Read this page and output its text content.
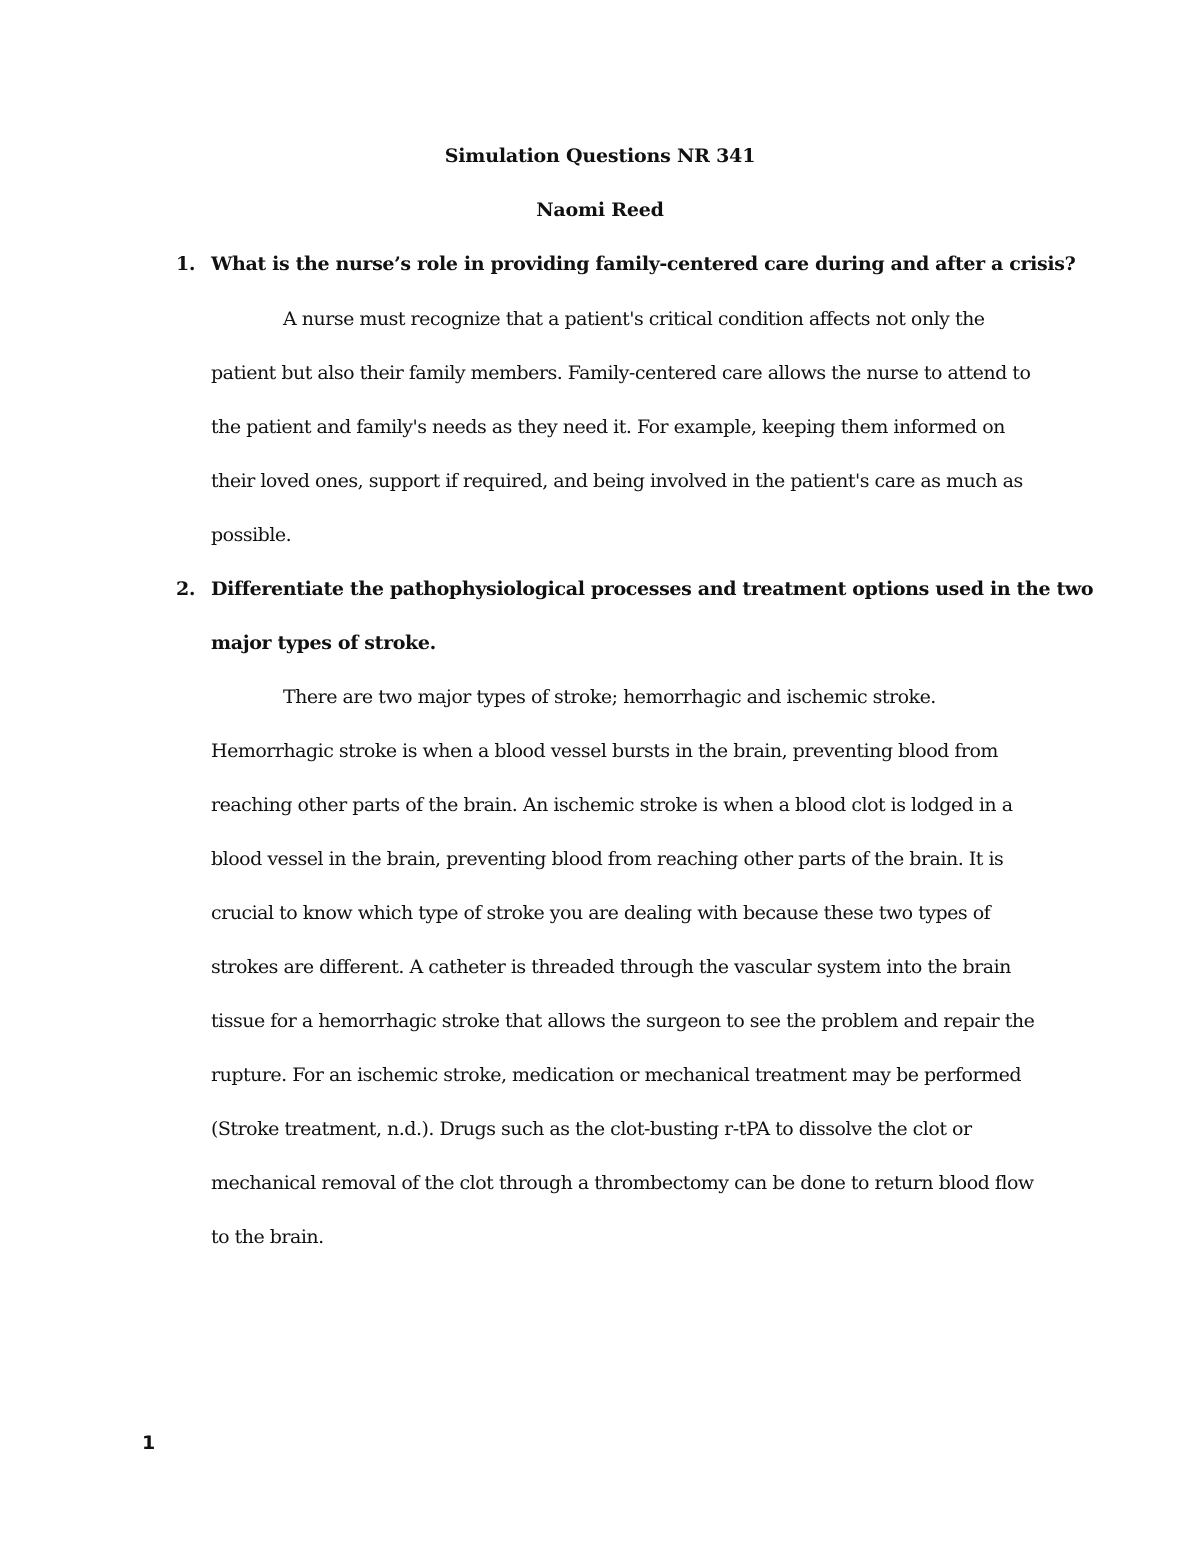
Simulation Questions NR 341
Naomi Reed
1. What is the nurse’s role in providing family-centered care during and after a crisis?
A nurse must recognize that a patient's critical condition affects not only the
patient but also their family members. Family-centered care allows the nurse to attend to
the patient and family's needs as they need it. For example, keeping them informed on
their loved ones, support if required, and being involved in the patient's care as much as
possible.
2. Differentiate the pathophysiological processes and treatment options used in the two
major types of stroke.
There are two major types of stroke; hemorrhagic and ischemic stroke.
Hemorrhagic stroke is when a blood vessel bursts in the brain, preventing blood from
reaching other parts of the brain. An ischemic stroke is when a blood clot is lodged in a
blood vessel in the brain, preventing blood from reaching other parts of the brain. It is
crucial to know which type of stroke you are dealing with because these two types of
strokes are different. A catheter is threaded through the vascular system into the brain
tissue for a hemorrhagic stroke that allows the surgeon to see the problem and repair the
rupture. For an ischemic stroke, medication or mechanical treatment may be performed
(Stroke treatment, n.d.). Drugs such as the clot-busting r-tPA to dissolve the clot or
mechanical removal of the clot through a thrombectomy can be done to return blood flow
to the brain.
1
